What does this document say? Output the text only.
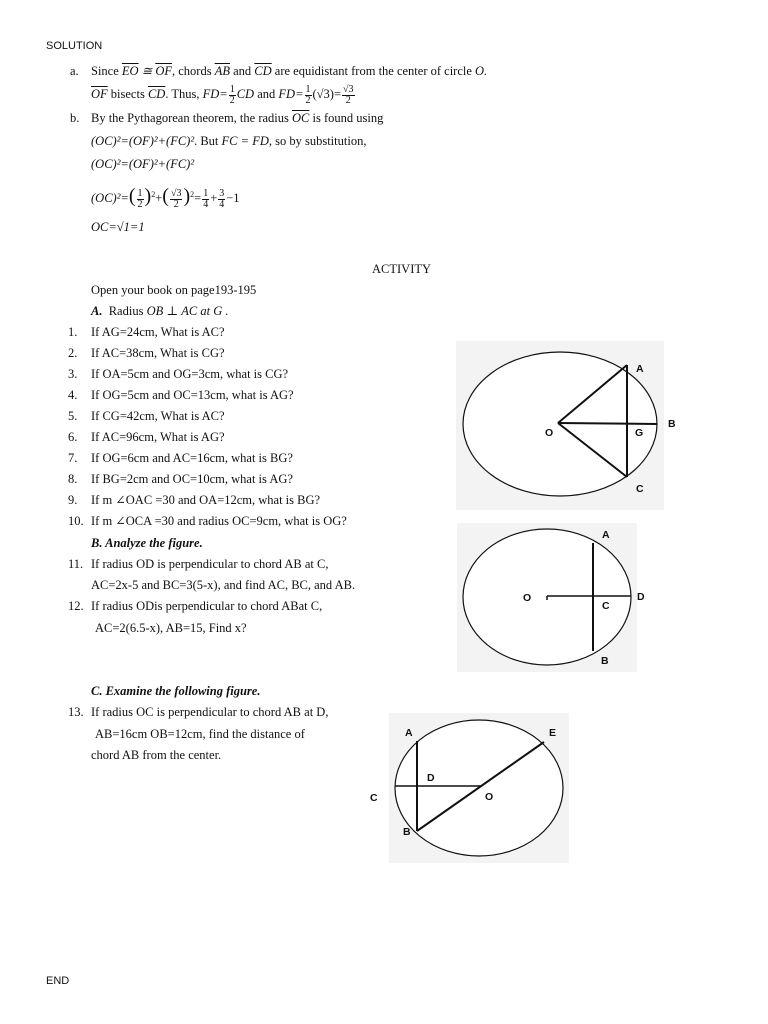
SOLUTION
a. Since $\overline{EO}$ ≅ $\overline{OF}$, chords $\overline{AB}$ and $\overline{CD}$ are equidistant from the center of circle O.
$\overline{OF}$ bisects $\overline{CD}$. Thus, $FD= \frac{1}{2}$ CD and $FD= \frac{1}{2} (√3)= \frac{√3}{2}$
b. By the Pythagorean theorem, the radius $\overline{OC}$ is found using
(OC)²=(OF)²+(FC)². But FC = FD, so by substitution,
(OC)²=(OF)²+(FC)²
$(OC)^2=( \frac{1}{2} )^2+( \frac{√3}{2} )^2= \frac{1}{4} + \frac{3}{4} -1$
OC=√1=1
ACTIVITY
Open your book on page193-195
A. Radius OB ⊥ AC at G .
1. If AG=24cm, What is AC?
2. If AC=38cm, What is CG?
3. If OA=5cm and OG=3cm, what is CG?
4. If OG=5cm and OC=13cm, what is AG?
5. If CG=42cm, What is AC?
6. If AC=96cm, What is AG?
7. If OG=6cm and AC=16cm, what is BG?
8. If BG=2cm and OC=10cm, what is AG?
9. If m ∠OAC =30 and OA=12cm, what is BG?
10. If m ∠OCA =30 and radius OC=9cm, what is OG?
B. Analyze the figure.
11. If radius OD is perpendicular to chord AB at C,
AC=2x-5 and BC=3(5-x), and find AC, BC, and AB.
12. If radius ODis perpendicular to chord ABat C,
AC=2(6.5-x), AB=15, Find x?
C. Examine the following figure.
13. If radius OC is perpendicular to chord AB at D,
AB=16cm OB=12cm, find the distance of
chord AB from the center.
A
B
C
O	G
A
B
C
D
O
A
B
D
E
O
C
END
